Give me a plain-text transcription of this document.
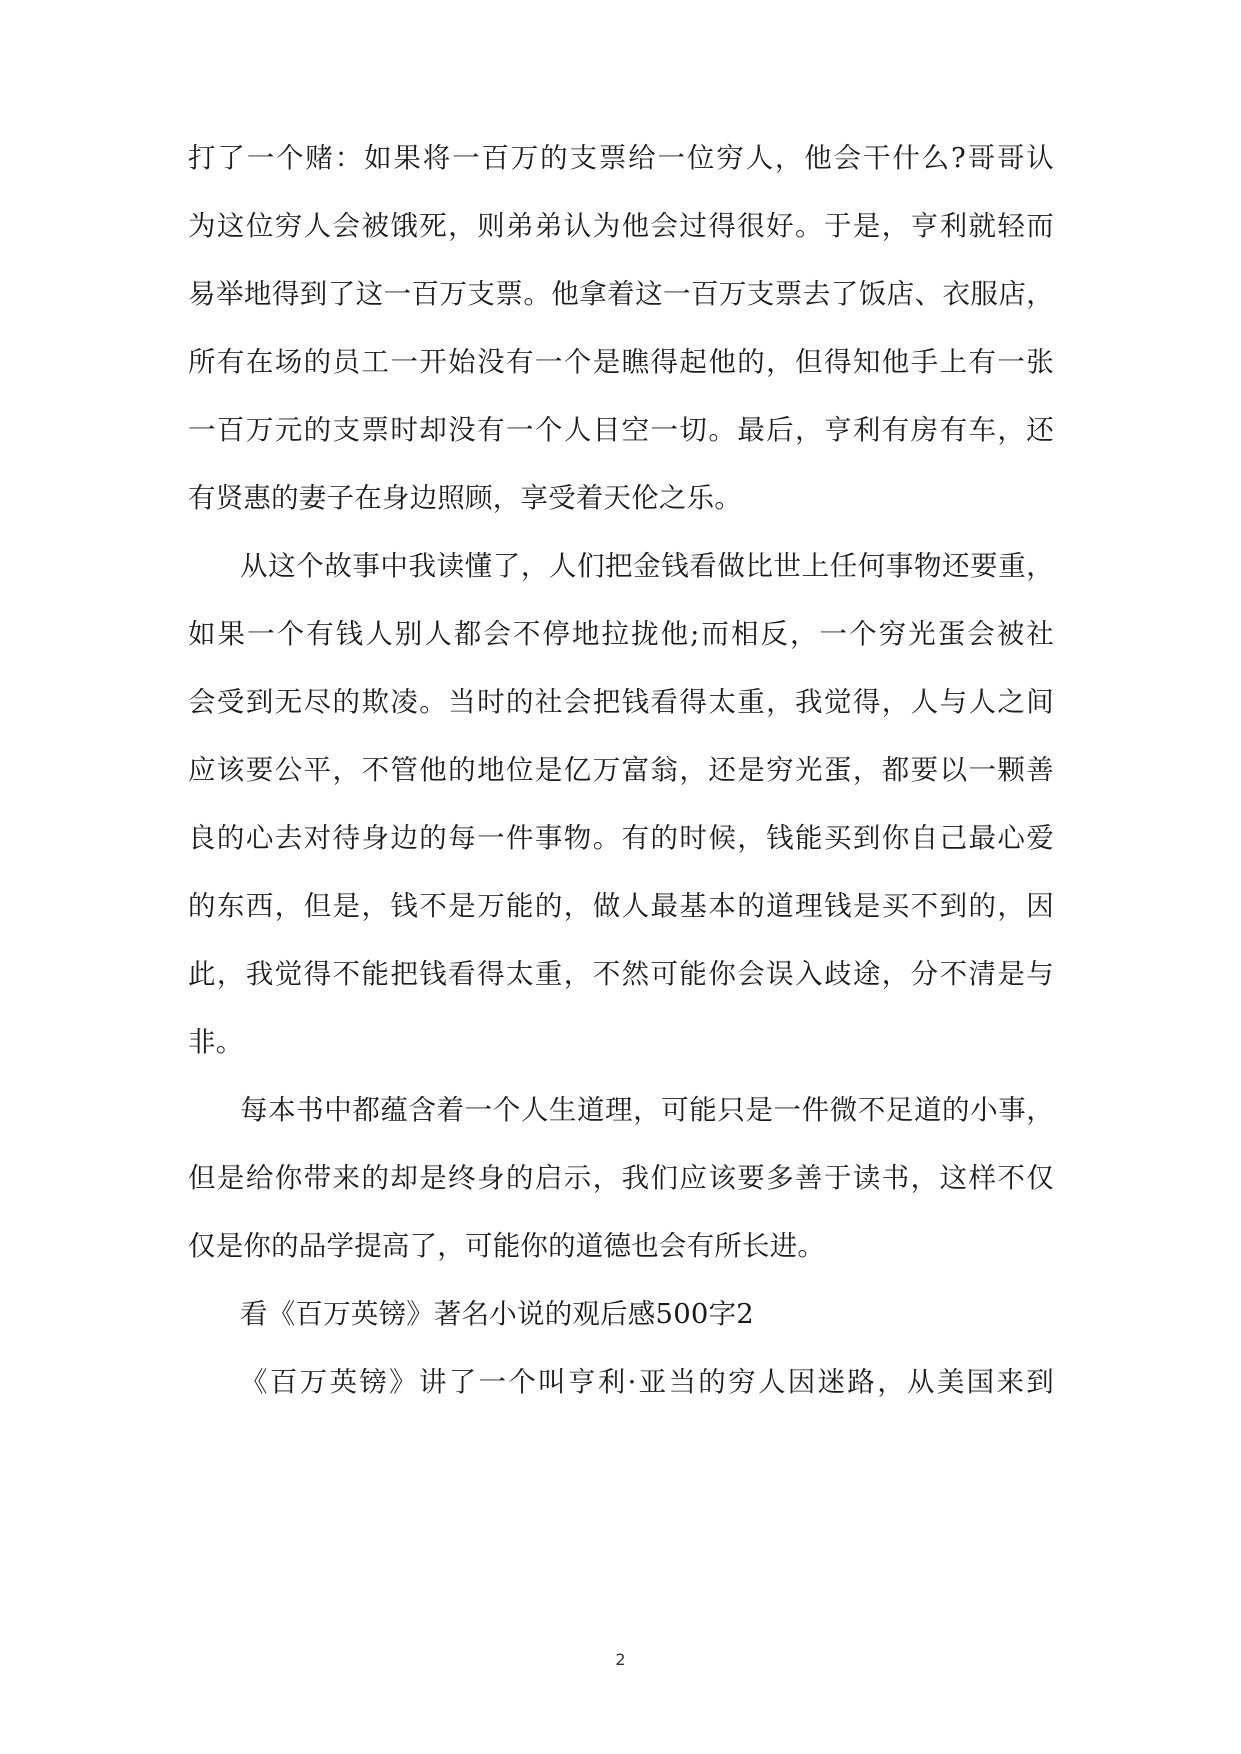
打了一个赌：如果将一百万的支票给一位穷人，他会干什么?哥哥认
为这位穷人会被饿死，则弟弟认为他会过得很好。于是，亨利就轻而
易举地得到了这一百万支票。他拿着这一百万支票去了饭店、衣服店，
所有在场的员工一开始没有一个是瞧得起他的，但得知他手上有一张
一百万元的支票时却没有一个人目空一切。最后，亨利有房有车，还
有贤惠的妻子在身边照顾，享受着天伦之乐。
从这个故事中我读懂了，人们把金钱看做比世上任何事物还要重，
如果一个有钱人别人都会不停地拉拢他;而相反，一个穷光蛋会被社
会受到无尽的欺凌。当时的社会把钱看得太重，我觉得，人与人之间
应该要公平，不管他的地位是亿万富翁，还是穷光蛋，都要以一颗善
良的心去对待身边的每一件事物。有的时候，钱能买到你自己最心爱
的东西，但是，钱不是万能的，做人最基本的道理钱是买不到的，因
此，我觉得不能把钱看得太重，不然可能你会误入歧途，分不清是与
非。
每本书中都蕴含着一个人生道理，可能只是一件微不足道的小事，
但是给你带来的却是终身的启示，我们应该要多善于读书，这样不仅
仅是你的品学提高了，可能你的道德也会有所长进。
看《百万英镑》著名小说的观后感500字2
《百万英镑》讲了一个叫亨利·亚当的穷人因迷路，从美国来到
2
